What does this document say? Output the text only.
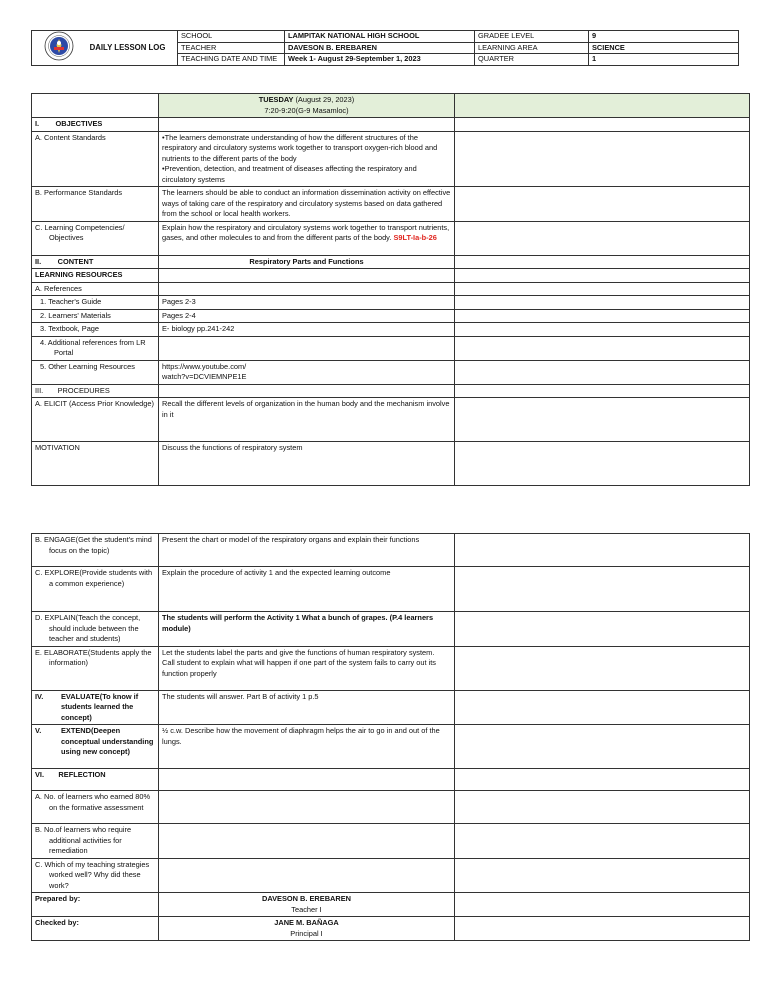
DAILY LESSON LOG	SCHOOL	LAMPITAK NATIONAL HIGH SCHOOL	GRADEE LEVEL	9
	TEACHER	DAVESON B. EREBAREN	LEARNING AREA	SCIENCE
	TEACHING DATE AND TIME	Week 1- August 29-September 1, 2023	QUARTER	1

	TUESDAY (August 29, 2023)
7:20-9:20(G-9 Masamloc)	
I. OBJECTIVES		
A. Content Standards	•The learners demonstrate understanding of how the different structures of the respiratory and circulatory systems work together to transport oxygen-rich blood and nutrients to the different parts of the body
•Prevention, detection, and treatment of diseases affecting the respiratory and circulatory systems	
B. Performance Standards	The learners should be able to conduct an information dissemination activity on effective ways of taking care of the respiratory and circulatory systems based on data gathered from the school or local health workers.	

C. Learning Competencies/ Objectives	Explain how the respiratory and circulatory systems work together to transport nutrients, gases, and other molecules to and from the different parts of the body. S9LT-Ia-b-26	
II. CONTENT	Respiratory Parts and Functions	
LEARNING RESOURCES		
A. References		

1. Teacher's Guide	Pages 2-3	

2. Learners' Materials	Pages 2-4	

3. Textbook, Page	E- biology pp.241-242	

4. Additional references from LR Portal		

5. Other Learning Resources	https://www.youtube.com/
watch?v=DCVIEMNPE1E	
III. PROCEDURES		

A. ELICIT (Access Prior Knowledge)	Recall the different levels of organization in the human body and the mechanism involve in it	
MOTIVATION	Discuss the functions of respiratory system	
B. ENGAGE(Get the student's mind focus on the topic)	Present the chart or model of the respiratory organs and explain their functions	

C. EXPLORE(Provide students with a common experience)	Explain the procedure of activity 1 and the expected learning outcome	

D. EXPLAIN(Teach the concept, should include between the teacher and students)	The students will perform the Activity 1 What a bunch of grapes. (P.4 learners module)	

E. ELABORATE(Students apply the information)	Let the students label the parts and give the functions of human respiratory system.
Call student to explain what will happen if one part of the system fails to carry out its function properly	

IV. EVALUATE(To know if students learned the concept)	The students will answer. Part B of activity 1 p.5	

V. EXTEND(Deepen conceptual understanding using new concept)	½ c.w. Describe how the movement of diaphragm helps the air to go in and out of the lungs.	
VI. REFLECTION		

A. No. of learners who earned 80% on the formative assessment		

B. No.of learners who require additional activities for remediation		

C. Which of my teaching strategies worked well? Why did these work?		

Prepared by:	DAVESON B. EREBAREN
Teacher I	
Checked by:	JANE M. BAÑAGA
Principal I	
